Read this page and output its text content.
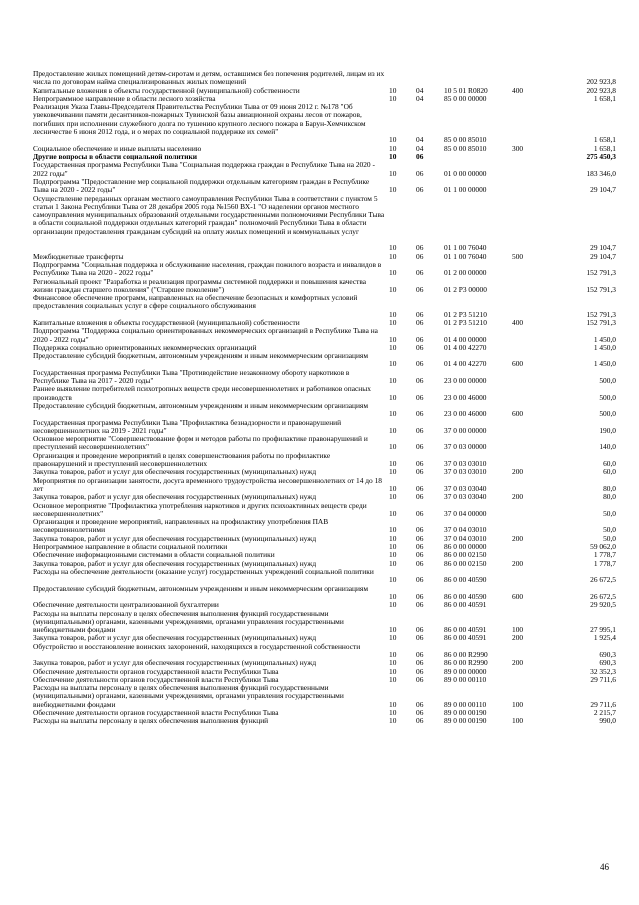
Предоставление жилых помещений детям-сиротам и детям, оставшимся без попечения родителей, лицам из их числа по договорам найма специализированных жилых помещений	202 923,8
Капитальные вложения в объекты государственной (муниципальной) собственности	10	04	10 5 01 R0820	400	202 923,8
Непрограммное направление в области лесного хозяйства	10	04	85 0 00 00000	1 658,1
Реализация Указа Главы-Председателя Правительства Республики Тыва от 09 июня 2012 г. №178 "Об увековечивании памяти десантников-пожарных Тувинской базы авиационной охраны лесов от пожаров, погибших при исполнении служебного долга по тушению крупного лесного пожара в Барун-Хемчикском лесничестве 6 июня 2012 года, и о мерах по социальной поддержке их семей"
10	04	85 0 00 85010	1 658,1
Социальное обеспечение и иные выплаты населению	10	04	85 0 00 85010	300	1 658,1
Другие вопросы в области социальной политики	10	06	275 450,3
Государственная программа Республики Тыва "Социальная поддержка граждан в Республике Тыва на 2020 - 2022 годы"	10	06	01 0 00 00000	183 346,0
Подпрограмма "Предоставление мер социальной поддержки отдельным категориям граждан в Республике Тыва на 2020 - 2022 годы"	10	06	01 1 00 00000	29 104,7
Осуществление переданных органам местного самоуправления Республики Тыва в соответствии с пунктом 5 статьи 1 Закона Республики Тыва от 28 декабря 2005 года №1560 ВХ-1 "О наделении органов местного самоуправления муниципальных образований отдельными государственными полномочиями Республики Тыва в области социальной поддержки отдельных категорий граждан" полномочий Республики Тыва в области организации предоставления гражданам субсидий на оплату жилых помещений и коммунальных услуг
10	06	01 1 00 76040	29 104,7
Межбюджетные трансферты	10	06	01 1 00 76040	500	29 104,7
Подпрограмма "Социальная поддержка и обслуживание населения, граждан пожилого возраста и инвалидов в Республике Тыва на 2020 - 2022 годы"	10	06	01 2 00 00000	152 791,3
Региональный проект "Разработка и реализация программы системной поддержки и повышения качества жизни граждан старшего поколения" ("Старшее поколение")	10	06	01 2 P3 00000	152 791,3
Финансовое обеспечение программ, направленных на обеспечение безопасных и комфортных условий предоставления социальных услуг в сфере социального обслуживания
10	06	01 2 P3 51210	152 791,3
Капитальные вложения в объекты государственной (муниципальной) собственности	10	06	01 2 P3 51210	400	152 791,3
Подпрограмма "Поддержка социально ориентированных некоммерческих организаций в Республике Тыва на 2020 - 2022 годы"	10	06	01 4 00 00000	1 450,0
Поддержка социально ориентированных некоммерческих организаций	10	06	01 4 00 42270	1 450,0
Предоставление субсидий бюджетным, автономным учреждениям и иным некоммерческим организациям
10	06	01 4 00 42270	600	1 450,0
Государственная программа Республики Тыва "Противодействие незаконному обороту наркотиков в Республике Тыва на 2017 - 2020 годы"	10	06	23 0 00 00000	500,0
Раннее выявление потребителей психотропных веществ среди несовершеннолетних и работников опасных производств	10	06	23 0 00 46000	500,0
Предоставление субсидий бюджетным, автономным учреждениям и иным некоммерческим организациям
10	06	23 0 00 46000	600	500,0
Государственная программа Республики Тыва "Профилактика безнадзорности и правонарушений несовершеннолетних на 2019 - 2021 годы"	10	06	37 0 00 00000	190,0
Основное мероприятие "Совершенствование форм и методов работы по профилактике правонарушений и преступлений несовершеннолетних"	10	06	37 0 03 00000	140,0
Организация и проведение мероприятий в целях совершенствования работы по профилактике правонарушений и преступлений несовершеннолетних	10	06	37 0 03 03010	60,0
Закупка товаров, работ и услуг для обеспечения государственных (муниципальных) нужд	10	06	37 0 03 03010	200	60,0
Мероприятия по организации занятости, досуга временного трудоустройства несовершеннолетних от 14 до 18 лет	10	06	37 0 03 03040	80,0
Закупка товаров, работ и услуг для обеспечения государственных (муниципальных) нужд	10	06	37 0 03 03040	200	80,0
Основное мероприятие "Профилактика употребления наркотиков и других психоактивных веществ среди несовершеннолетних"	10	06	37 0 04 00000	50,0
Организация и проведение мероприятий, направленных на профилактику употребления ПАВ несовершеннолетними	10	06	37 0 04 03010	50,0
Закупка товаров, работ и услуг для обеспечения государственных (муниципальных) нужд	10	06	37 0 04 03010	200	50,0
Непрограммное направление в области социальной политики	10	06	86 0 00 00000	59 062,0
Обеспечение информационными системами в области социальной политики	10	06	86 0 00 02150	1 778,7
Закупка товаров, работ и услуг для обеспечения государственных (муниципальных) нужд	10	06	86 0 00 02150	200	1 778,7
Расходы на обеспечение деятельности (оказание услуг) государственных учреждений социальной политики
10	06	86 0 00 40590	26 672,5
Предоставление субсидий бюджетным, автономным учреждениям и иным некоммерческим организациям
10	06	86 0 00 40590	600	26 672,5
Обеспечение деятельности централизованной бухгалтерии	10	06	86 0 00 40591	29 920,5
Расходы на выплаты персоналу в целях обеспечения выполнения функций государственными (муниципальными) органами, казенными учреждениями, органами управления государственными внебюджетными фондами	10	06	86 0 00 40591	100	27 995,1
Закупка товаров, работ и услуг для обеспечения государственных (муниципальных) нужд	10	06	86 0 00 40591	200	1 925,4
Обустройство и восстановление воинских захоронений, находящихся в государственной собственности
10	06	86 0 00 R2990	690,3
Закупка товаров, работ и услуг для обеспечения государственных (муниципальных) нужд	10	06	86 0 00 R2990	200	690,3
Обеспечение деятельности органов государственной власти Республики Тыва	10	06	89 0 00 00000	32 352,3
Обеспечение деятельности органов государственной власти Республики Тыва	10	06	89 0 00 00110	29 711,6
Расходы на выплаты персоналу в целях обеспечения выполнения функций государственными (муниципальными) органами, казенными учреждениями, органами управления государственными внебюджетными фондами	10	06	89 0 00 00110	100	29 711,6
Обеспечение деятельности органов государственной власти Республики Тыва	10	06	89 0 00 00190	2 215,7
Расходы на выплаты персоналу в целях обеспечения выполнения функций	10	06	89 0 00 00190	100	990,0
46
